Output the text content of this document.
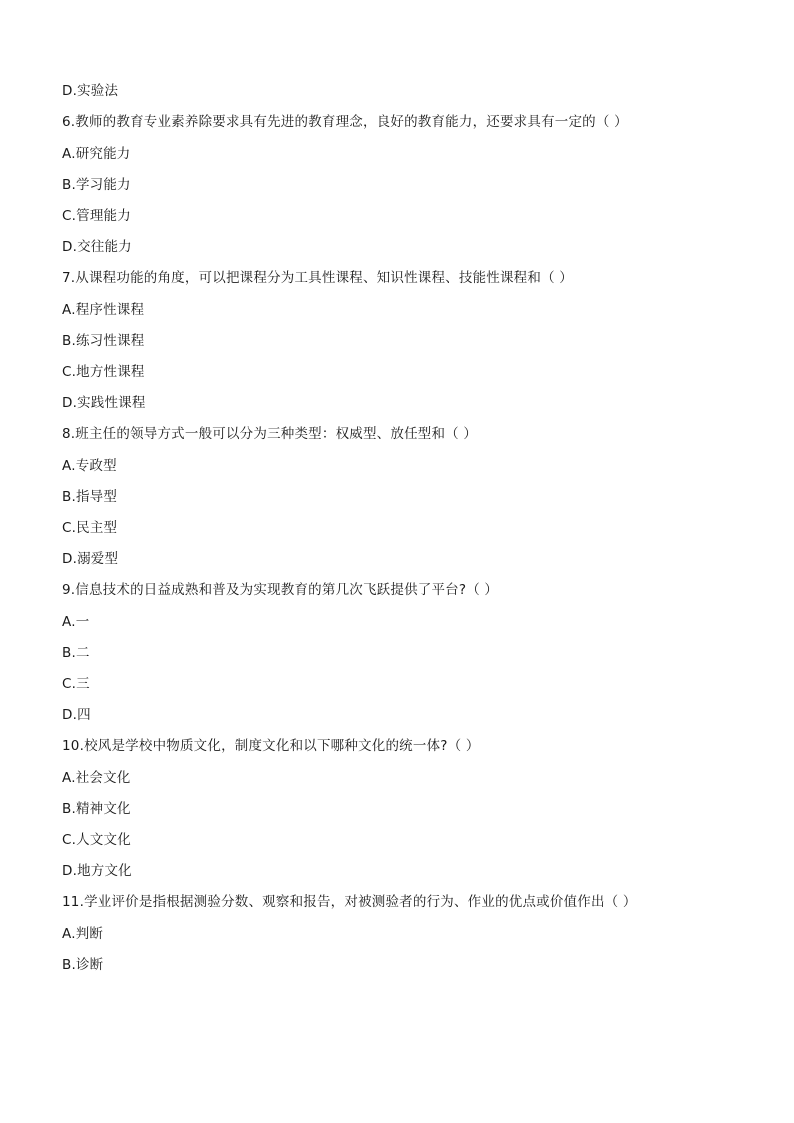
D.实验法
6.教师的教育专业素养除要求具有先进的教育理念，良好的教育能力，还要求具有一定的（ ）
A.研究能力
B.学习能力
C.管理能力
D.交往能力
7.从课程功能的角度，可以把课程分为工具性课程、知识性课程、技能性课程和（ ）
A.程序性课程
B.练习性课程
C.地方性课程
D.实践性课程
8.班主任的领导方式一般可以分为三种类型：权威型、放任型和（ ）
A.专政型
B.指导型
C.民主型
D.溺爱型
9.信息技术的日益成熟和普及为实现教育的第几次飞跃提供了平台?（ ）
A.一
B.二
C.三
D.四
10.校风是学校中物质文化，制度文化和以下哪种文化的统一体?（ ）
A.社会文化
B.精神文化
C.人文文化
D.地方文化
11.学业评价是指根据测验分数、观察和报告，对被测验者的行为、作业的优点或价值作出（ ）
A.判断
B.诊断
